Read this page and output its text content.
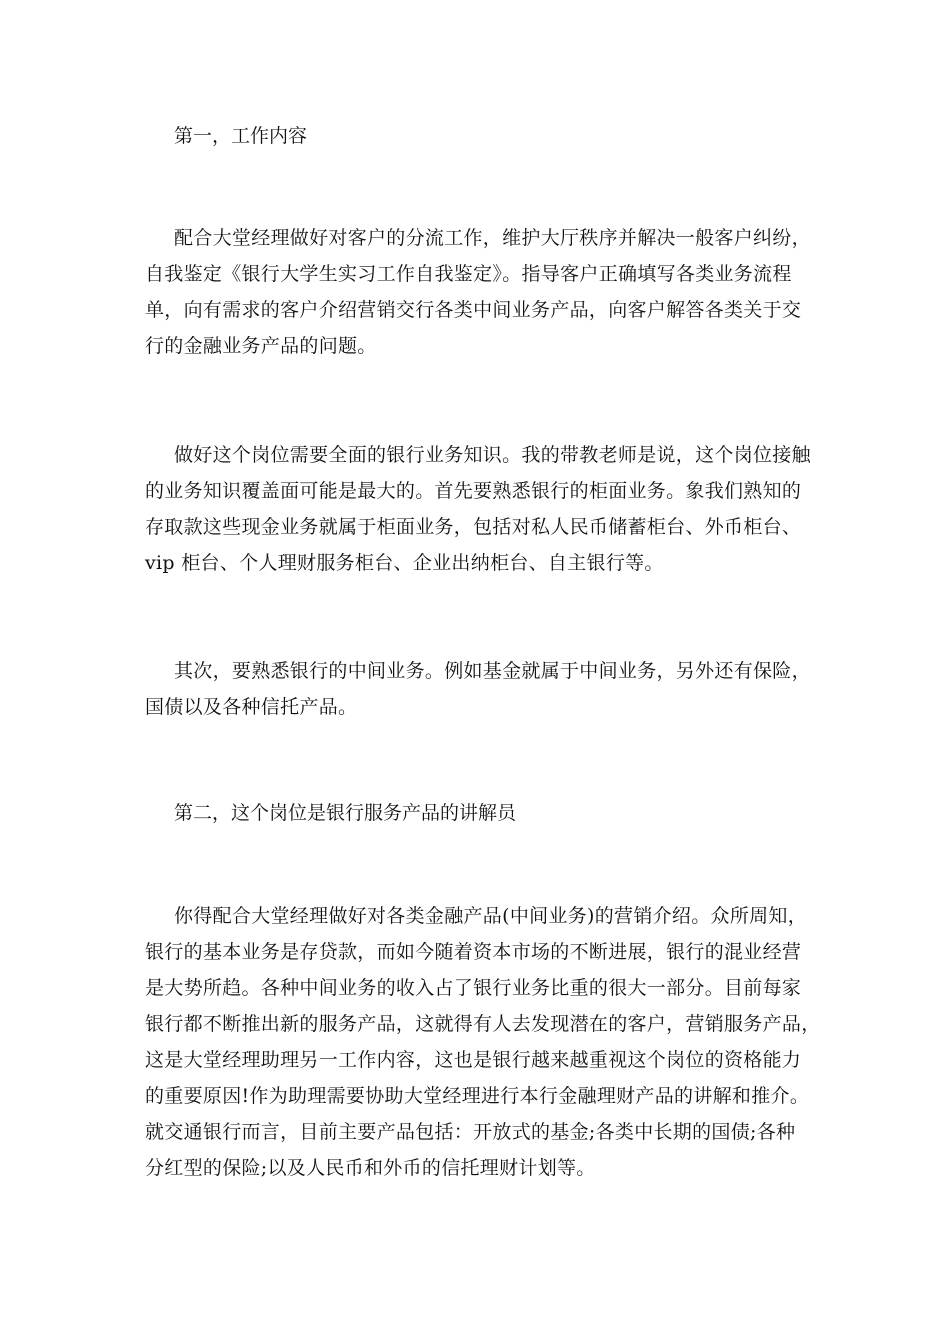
第一，工作内容

配合大堂经理做好对客户的分流工作，维护大厅秩序并解决一般客户纠纷，
自我鉴定《银行大学生实习工作自我鉴定》。指导客户正确填写各类业务流程
单，向有需求的客户介绍营销交行各类中间业务产品，向客户解答各类关于交
行的金融业务产品的问题。
做好这个岗位需要全面的银行业务知识。我的带教老师是说，这个岗位接触
的业务知识覆盖面可能是最大的。首先要熟悉银行的柜面业务。象我们熟知的
存取款这些现金业务就属于柜面业务，包括对私人民币储蓄柜台、外币柜台、
vip 柜台、个人理财服务柜台、企业出纳柜台、自主银行等。
其次，要熟悉银行的中间业务。例如基金就属于中间业务，另外还有保险，
国债以及各种信托产品。

第二，这个岗位是银行服务产品的讲解员

你得配合大堂经理做好对各类金融产品(中间业务)的营销介绍。众所周知，
银行的基本业务是存贷款，而如今随着资本市场的不断进展，银行的混业经营
是大势所趋。各种中间业务的收入占了银行业务比重的很大一部分。目前每家
银行都不断推出新的服务产品，这就得有人去发现潜在的客户，营销服务产品，
这是大堂经理助理另一工作内容，这也是银行越来越重视这个岗位的资格能力
的重要原因!作为助理需要协助大堂经理进行本行金融理财产品的讲解和推介。
就交通银行而言，目前主要产品包括：开放式的基金;各类中长期的国债;各种
分红型的保险;以及人民币和外币的信托理财计划等。
